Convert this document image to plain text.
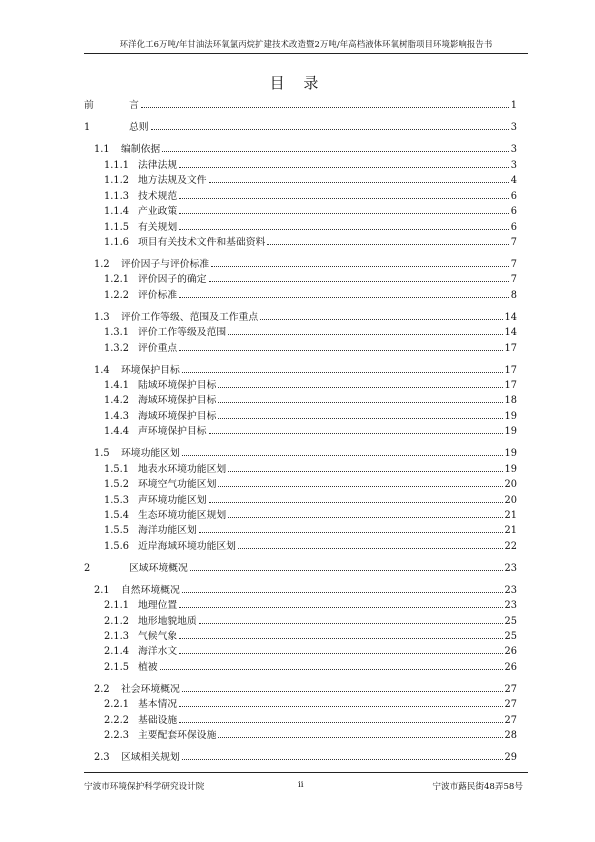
环洋化工6万吨/年甘油法环氧氯丙烷扩建技术改造暨2万吨/年高档液体环氧树脂项目环境影响报告书
目 录
前	言	1
1	总则	3
1.1	编制依据	3
1.1.1 法律法规	3
1.1.2 地方法规及文件	4
1.1.3 技术规范	6
1.1.4 产业政策	6
1.1.5 有关规划	6
1.1.6 项目有关技术文件和基础资料	7
1.2	评价因子与评价标准	7
1.2.1 评价因子的确定	7
1.2.2 评价标准	8
1.3	评价工作等级、范围及工作重点	14
1.3.1 评价工作等级及范围	14
1.3.2 评价重点	17
1.4	环境保护目标	17
1.4.1 陆域环境保护目标	17
1.4.2 海域环境保护目标	18
1.4.3 海域环境保护目标	19
1.4.4 声环境保护目标	19
1.5	环境功能区划	19
1.5.1 地表水环境功能区划	19
1.5.2 环境空气功能区划	20
1.5.3 声环境功能区划	20
1.5.4 生态环境功能区规划	21
1.5.5 海洋功能区划	21
1.5.6 近岸海域环境功能区划	22
2	区域环境概况	23
2.1	自然环境概况	23
2.1.1 地理位置	23
2.1.2 地形地貌地质	25
2.1.3 气候气象	25
2.1.4 海洋水文	26
2.1.5 植被	26
2.2	社会环境概况	27
2.2.1 基本情况	27
2.2.2 基础设施	27
2.2.3 主要配套环保设施	28
2.3	区域相关规划	29
宁波市环境保护科学研究设计院	ii	宁波市蕗民街48弄58号
